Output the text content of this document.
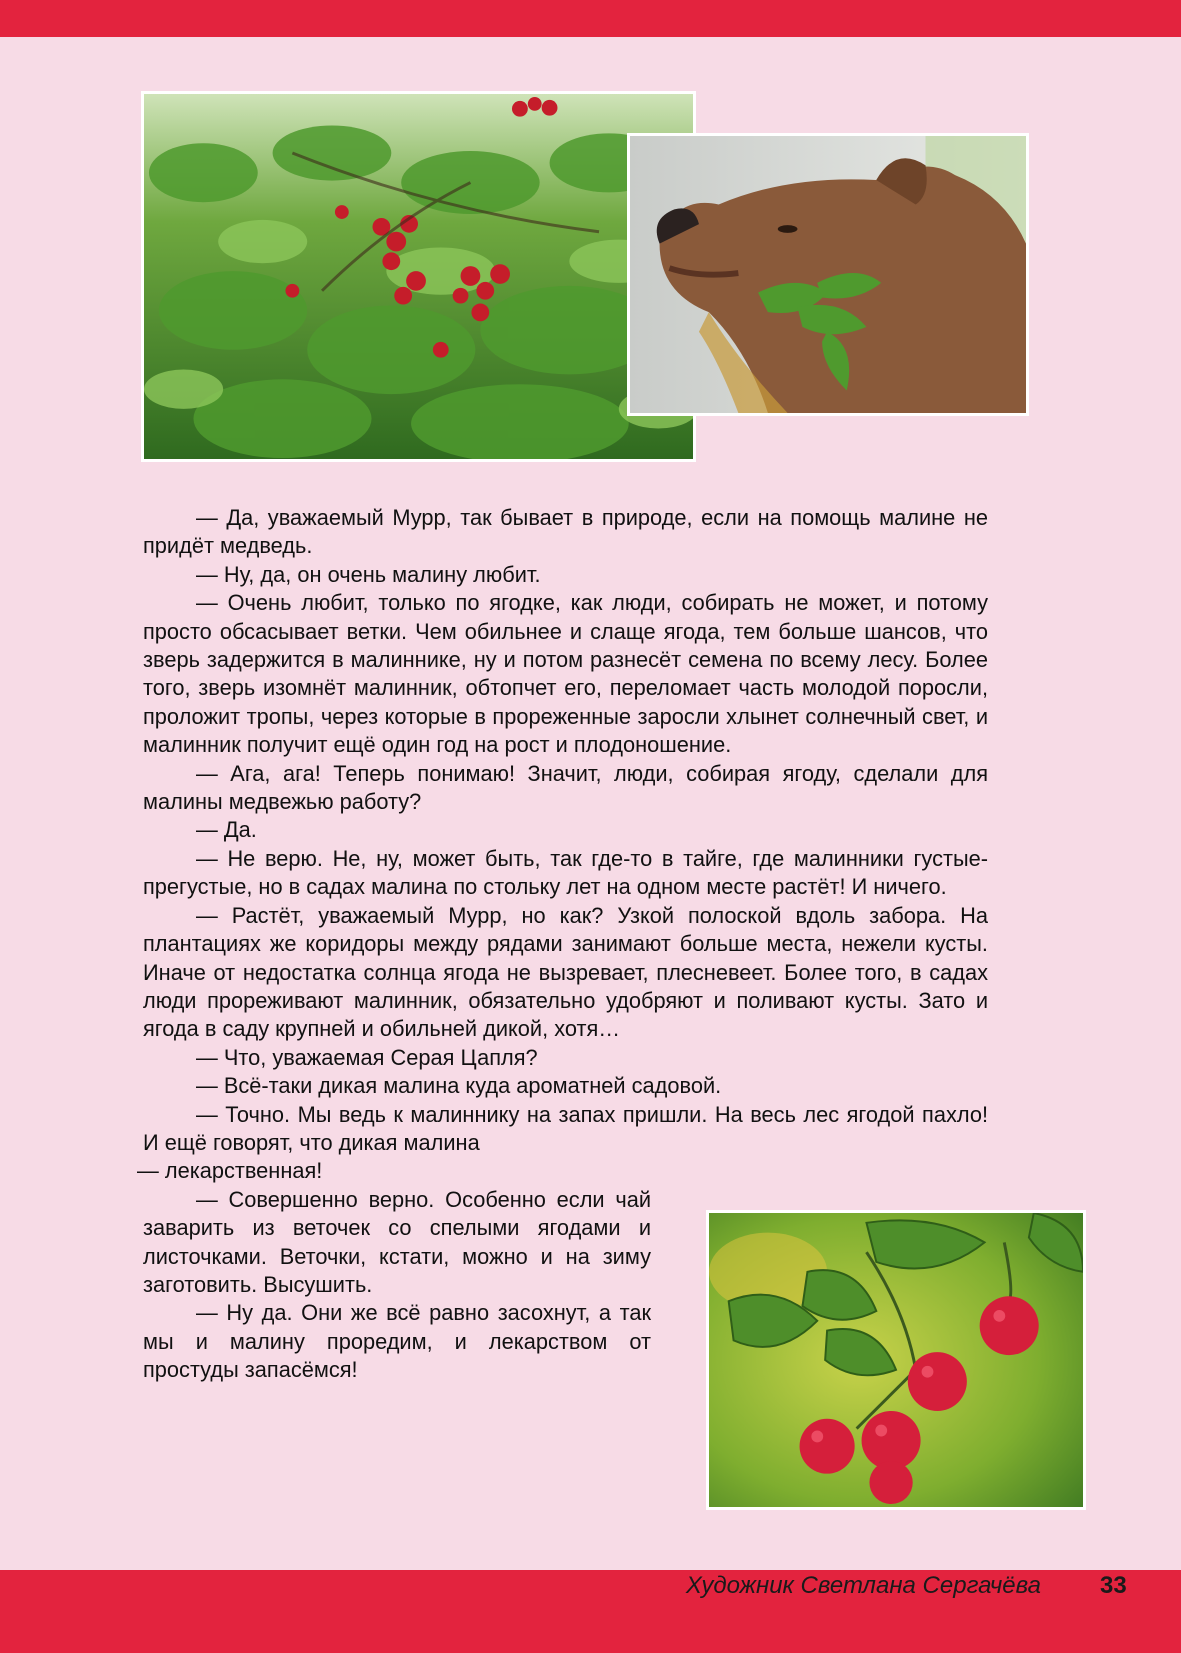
— Да, уважаемый Мурр, так бывает в природе, если на помощь малине не придёт медведь.

— Ну, да, он очень малину любит.

— Очень любит, только по ягодке, как люди, собирать не может, и потому просто обсасывает ветки. Чем обильнее и слаще ягода, тем больше шансов, что зверь задержится в малиннике, ну и потом разнесёт семена по всему лесу. Более того, зверь изомнёт малинник, обтопчет его, переломает часть молодой поросли, проложит тропы, через которые в прореженные заросли хлынет солнечный свет, и малинник получит ещё один год на рост и плодоношение.

— Ага, ага! Теперь понимаю! Значит, люди, собирая ягоду, сделали для малины медвежью работу?

— Да.

— Не верю. Не, ну, может быть, так где-то в тайге, где малинники густые-прегустые, но в садах малина по стольку лет на одном месте растёт! И ничего.

— Растёт, уважаемый Мурр, но как? Узкой полоской вдоль забора. На плантациях же коридоры между рядами занимают больше места, нежели кусты. Иначе от недостатка солнца ягода не вызревает, плесневеет. Более того, в садах люди прореживают малинник, обязательно удобряют и поливают кусты. Зато и ягода в саду крупней и обильней дикой, хотя…

— Что, уважаемая Серая Цапля?

— Всё-таки дикая малина куда ароматней садовой.

— Точно. Мы ведь к малиннику на запах пришли. На весь лес ягодой пахло! И ещё говорят, что дикая малина

— лекарственная!

— Совершенно верно. Особенно если чай заварить из веточек со спелыми ягодами и листочками. Веточки, кстати, можно и на зиму заготовить. Высушить.

— Ну да. Они же всё равно засохнут, а так мы и малину проредим, и лекарством от простуды запасёмся!

Художник Светлана Сергачёва 33
